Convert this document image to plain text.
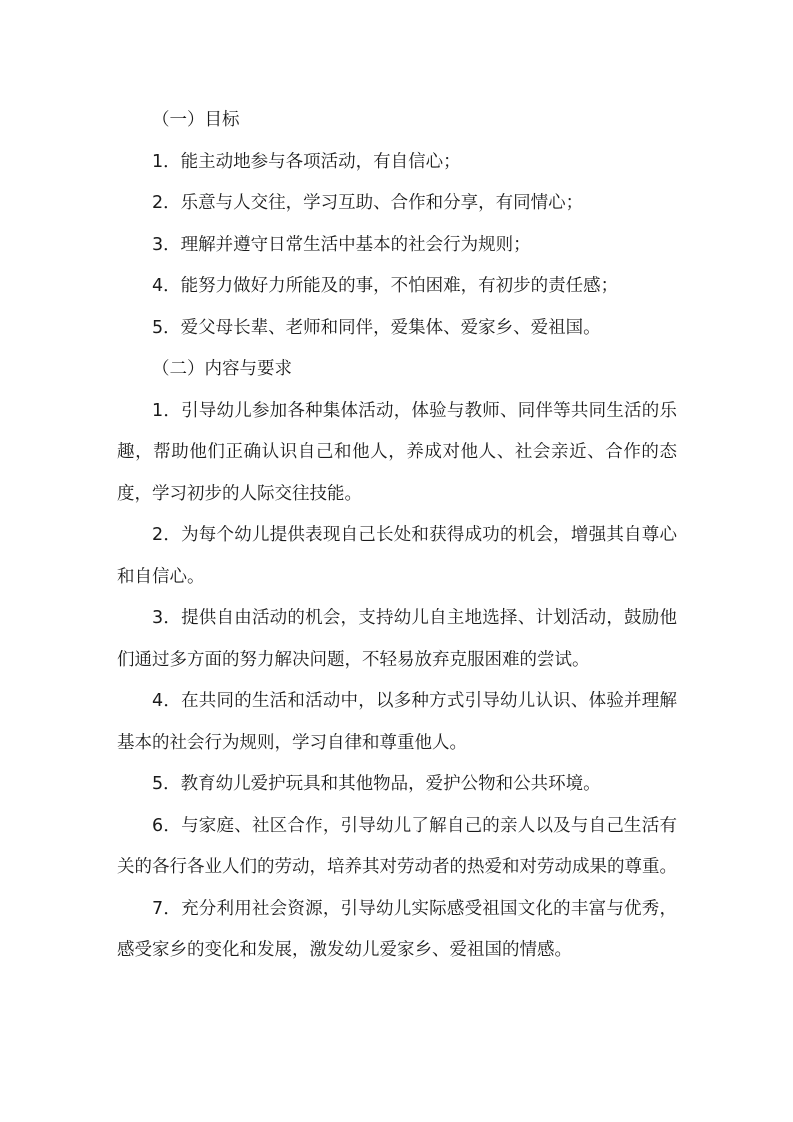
（一）目标

1．能主动地参与各项活动，有自信心；

2．乐意与人交往，学习互助、合作和分享，有同情心；

3．理解并遵守日常生活中基本的社会行为规则；

4．能努力做好力所能及的事，不怕困难，有初步的责任感；

5．爱父母长辈、老师和同伴，爱集体、爱家乡、爱祖国。

（二）内容与要求

1．引导幼儿参加各种集体活动，体验与教师、同伴等共同生活的乐趣，帮助他们正确认识自己和他人，养成对他人、社会亲近、合作的态度，学习初步的人际交往技能。

2．为每个幼儿提供表现自己长处和获得成功的机会，增强其自尊心和自信心。

3．提供自由活动的机会，支持幼儿自主地选择、计划活动，鼓励他们通过多方面的努力解决问题，不轻易放弃克服困难的尝试。

4．在共同的生活和活动中，以多种方式引导幼儿认识、体验并理解基本的社会行为规则，学习自律和尊重他人。

5．教育幼儿爱护玩具和其他物品，爱护公物和公共环境。

6．与家庭、社区合作，引导幼儿了解自己的亲人以及与自己生活有关的各行各业人们的劳动，培养其对劳动者的热爱和对劳动成果的尊重。

7．充分利用社会资源，引导幼儿实际感受祖国文化的丰富与优秀，感受家乡的变化和发展，激发幼儿爱家乡、爱祖国的情感。
